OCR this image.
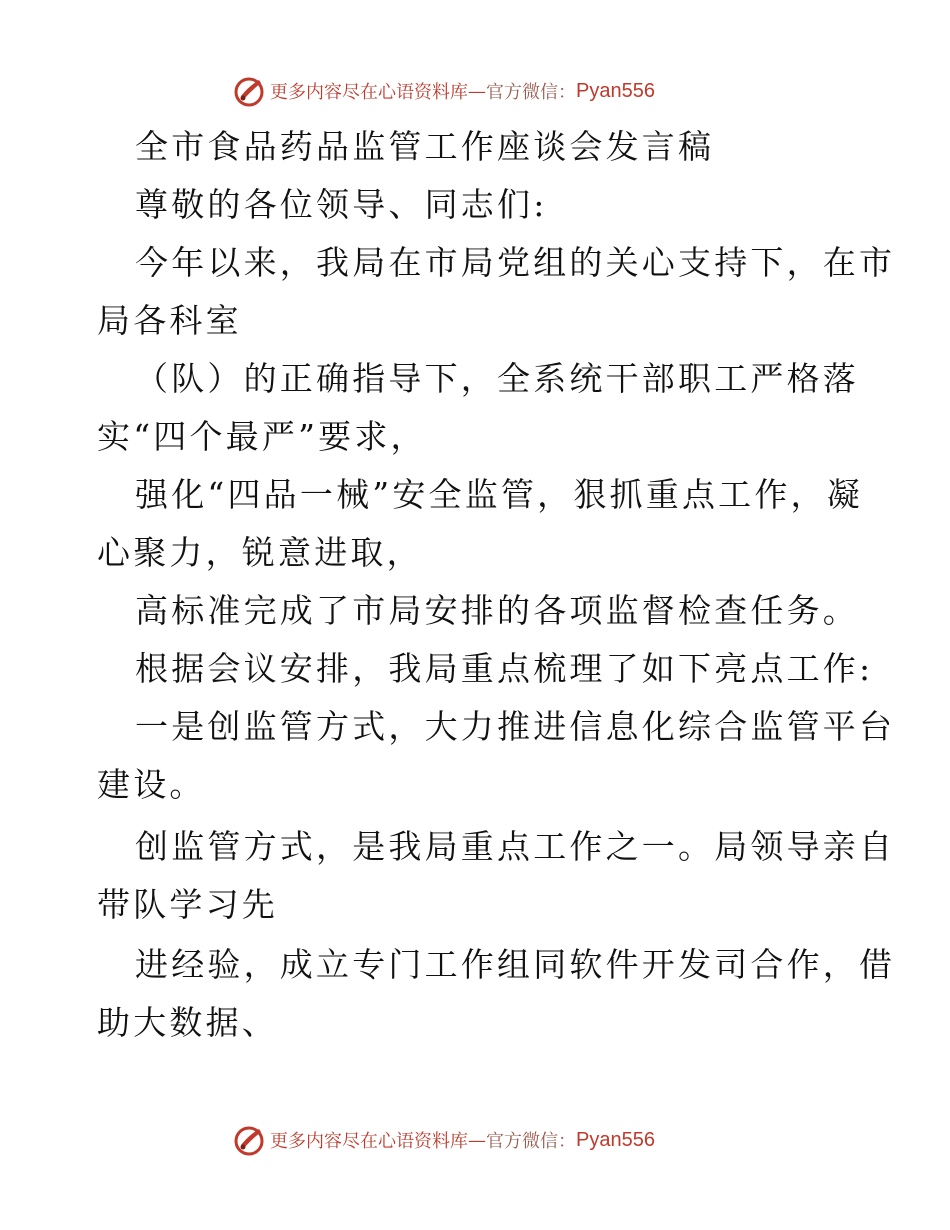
更多内容尽在心语资料库 — 官方微信： Pyan556
全市食品药品监管工作座谈会发言稿
尊敬的各位领导、同志们:
今年以来，我局在市局党组的关心支持下，在市
局各科室
（队）的正确指导下，全系统干部职工严格落
实“四个最严”要求，
强化“四品一械”安全监管，狠抓重点工作，凝
心聚力，锐意进取，
高标准完成了市局安排的各项监督检查任务。
根据会议安排，我局重点梳理了如下亮点工作:
一是创监管方式，大力推进信息化综合监管平台
建设。
创监管方式，是我局重点工作之一。局领导亲自
带队学习先
进经验，成立专门工作组同软件开发司合作，借
助大数据、
更多内容尽在心语资料库 — 官方微信： Pyan556
